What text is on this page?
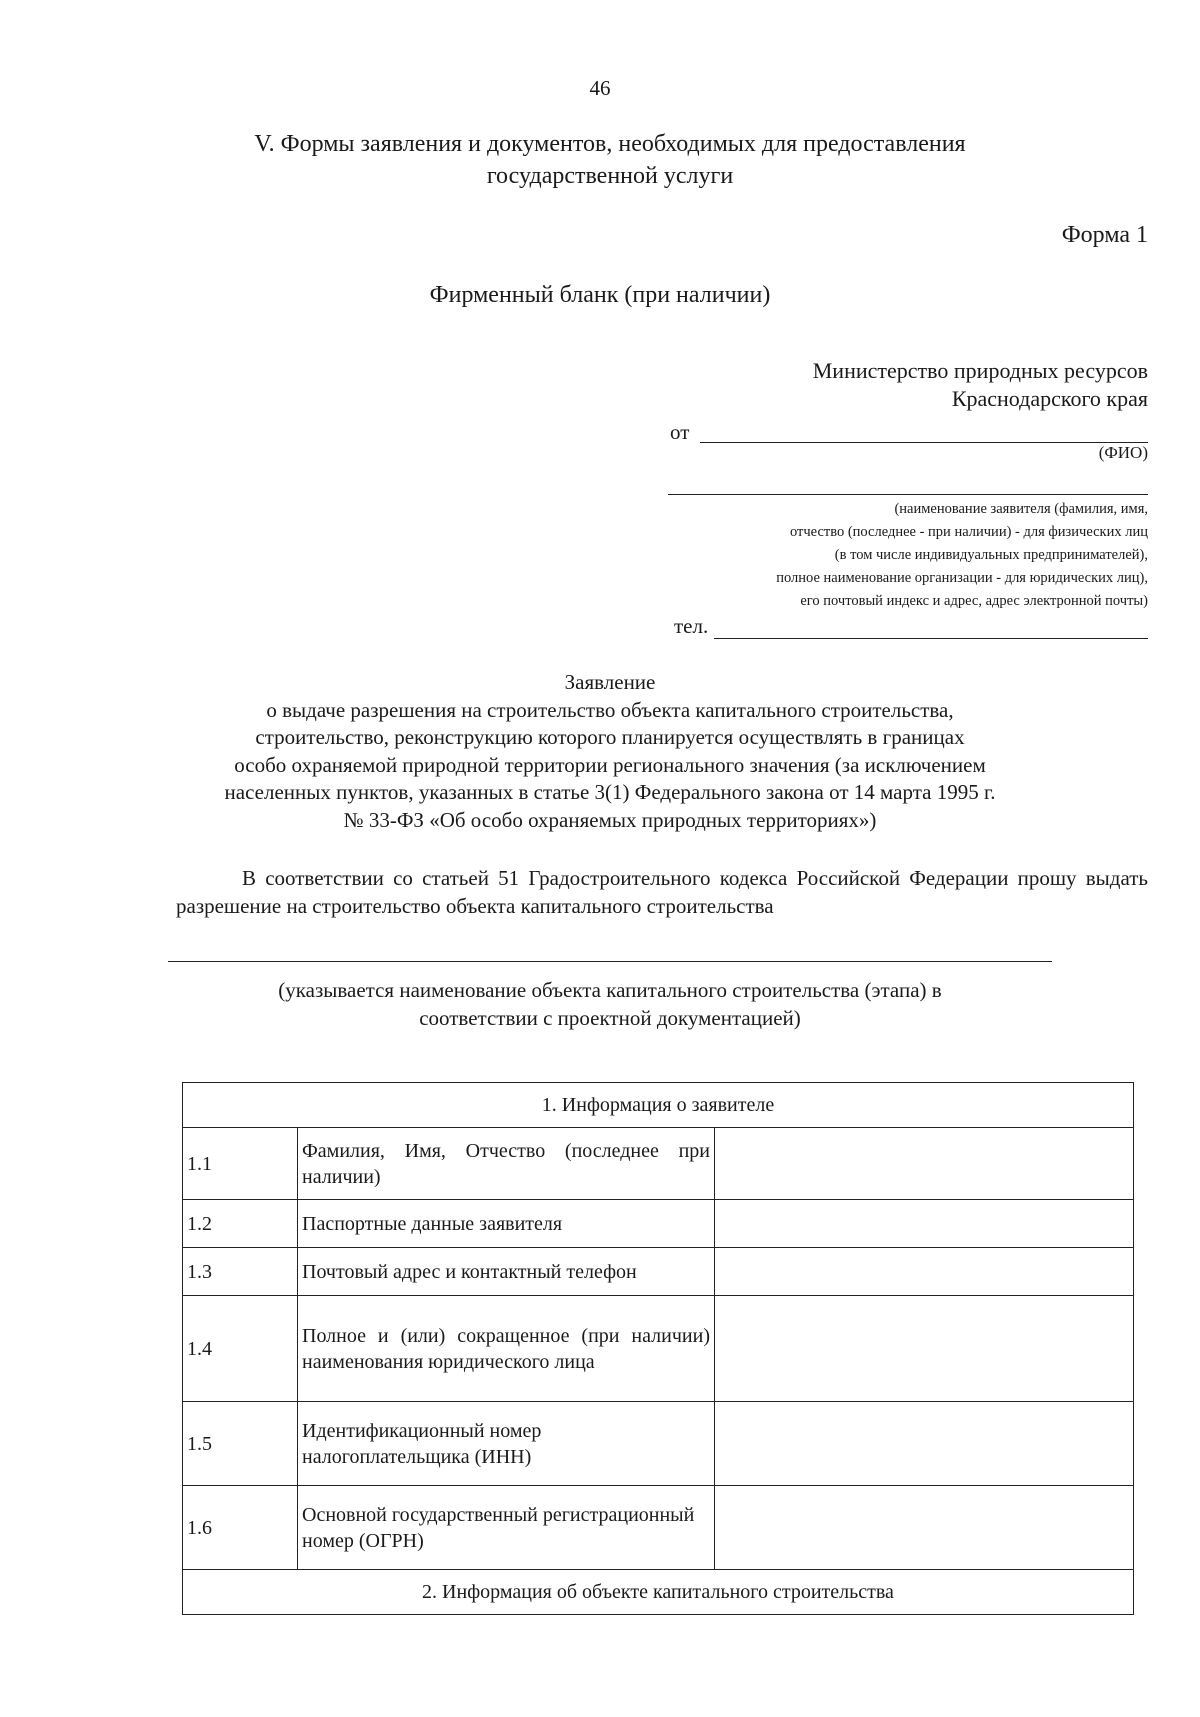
46
V. Формы заявления и документов, необходимых для предоставления
государственной услуги
Форма 1
Фирменный бланк (при наличии)
Министерство природных ресурсов
Краснодарского края
от
(ФИО)
(наименование заявителя (фамилия, имя,
отчество (последнее - при наличии) - для физических лиц
(в том числе индивидуальных предпринимателей),
полное наименование организации - для юридических лиц),
его почтовый индекс и адрес, адрес электронной почты)
тел.
Заявление
о выдаче разрешения на строительство объекта капитального строительства,
строительство, реконструкцию которого планируется осуществлять в границах
особо охраняемой природной территории регионального значения (за исключением
населенных пунктов, указанных в статье 3(1) Федерального закона от 14 марта 1995 г.
№ 33-ФЗ «Об особо охраняемых природных территориях»)
В соответствии со статьей 51 Градостроительного кодекса Российской Федерации прошу выдать разрешение на строительство объекта капитального строительства
(указывается наименование объекта капитального строительства (этапа) в
соответствии с проектной документацией)
1. Информация о заявителе		
1.1	Фамилия, Имя, Отчество (последнее при наличии)	
1.2	Паспортные данные заявителя	
1.3	Почтовый адрес и контактный телефон	
1.4	Полное и (или) сокращенное (при наличии) наименования юридического лица	
1.5	Идентификационный номер налогоплательщика (ИНН)	
1.6	Основной государственный регистрационный номер (ОГРН)	
2. Информация об объекте капитального строительства		
